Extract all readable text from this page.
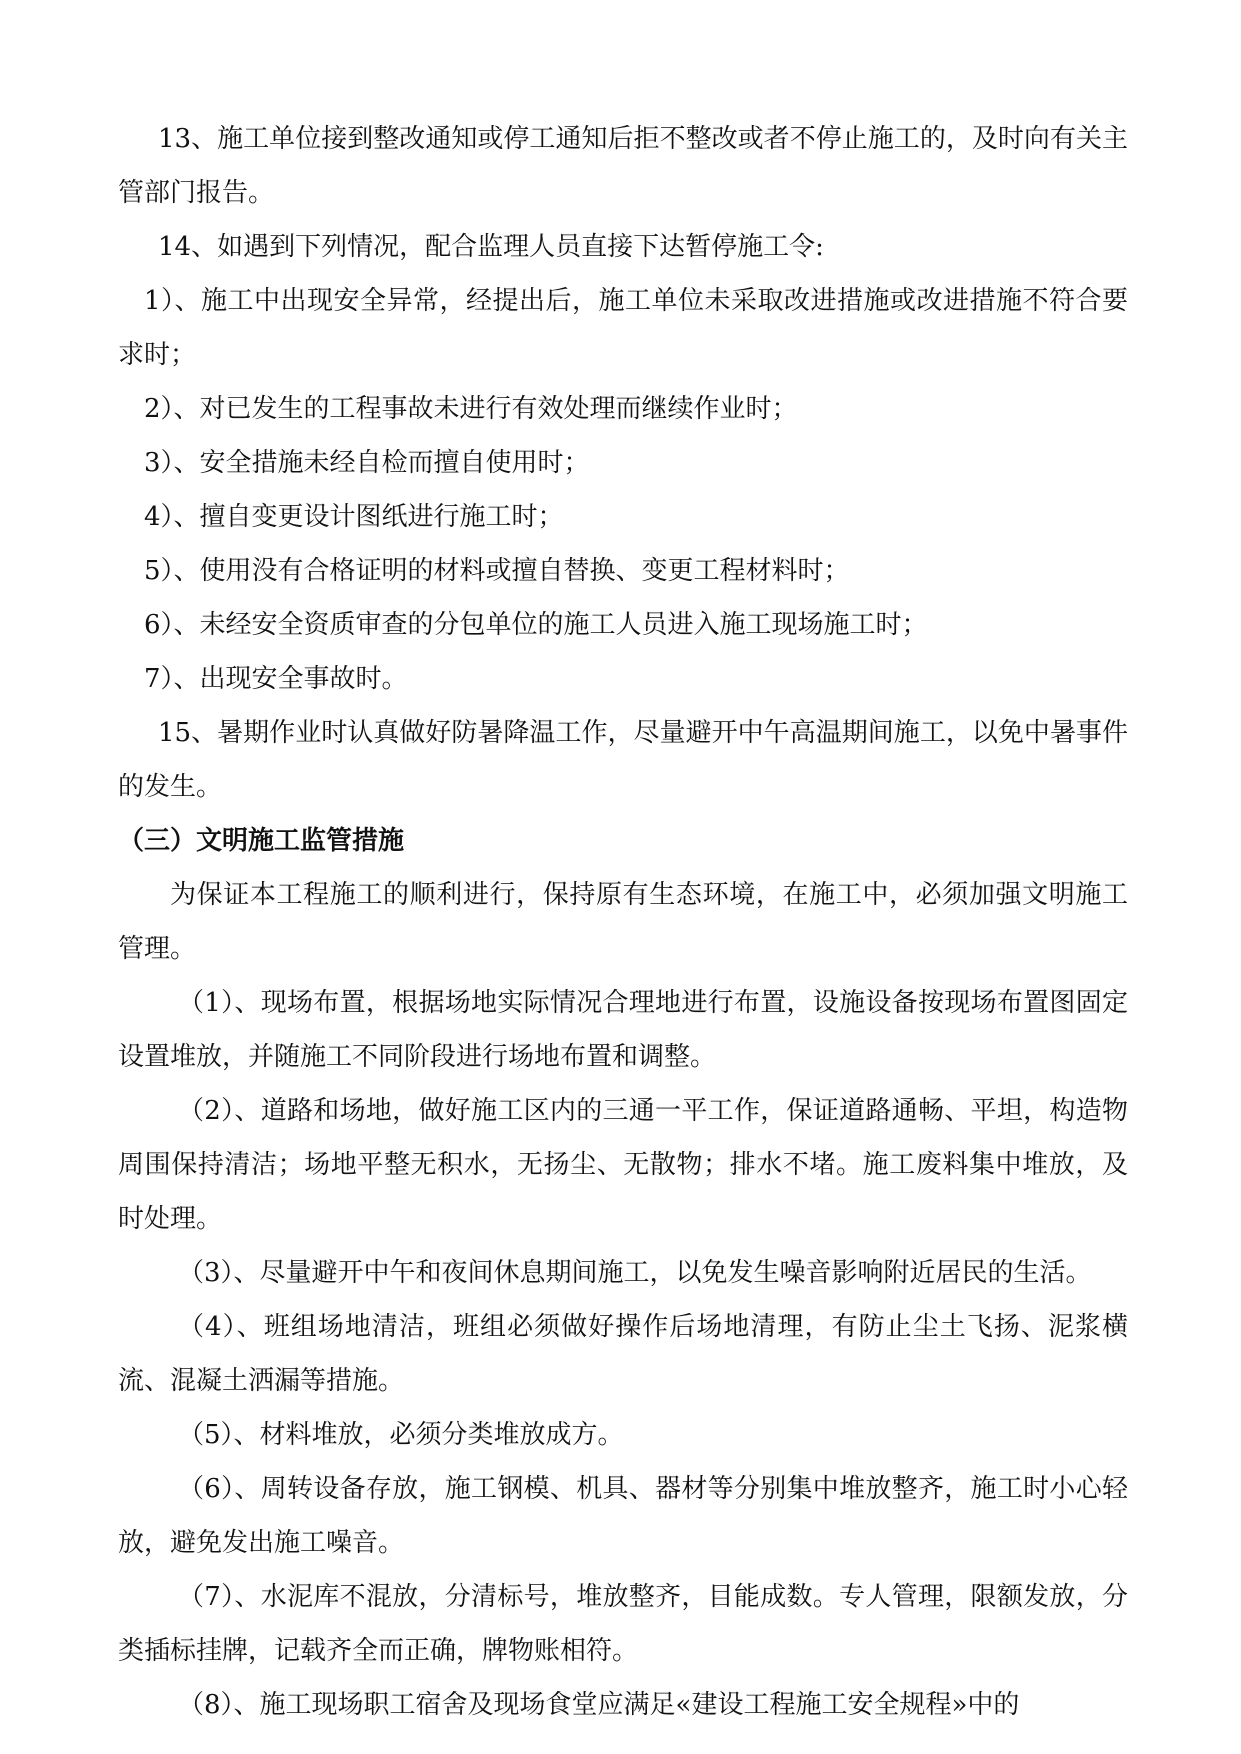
13、施工单位接到整改通知或停工通知后拒不整改或者不停止施工的，及时向有关主管部门报告。

14、如遇到下列情况，配合监理人员直接下达暂停施工令:

1）、施工中出现安全异常，经提出后，施工单位未采取改进措施或改进措施不符合要求时；

2）、对已发生的工程事故未进行有效处理而继续作业时；

3）、安全措施未经自检而擅自使用时；

4）、擅自变更设计图纸进行施工时；

5）、使用没有合格证明的材料或擅自替换、变更工程材料时；

6）、未经安全资质审查的分包单位的施工人员进入施工现场施工时；

7）、出现安全事故时。

15、暑期作业时认真做好防暑降温工作，尽量避开中午高温期间施工，以免中暑事件的发生。

（三）文明施工监管措施

为保证本工程施工的顺利进行，保持原有生态环境，在施工中，必须加强文明施工管理。

（1）、现场布置，根据场地实际情况合理地进行布置，设施设备按现场布置图固定设置堆放，并随施工不同阶段进行场地布置和调整。

（2）、道路和场地，做好施工区内的三通一平工作，保证道路通畅、平坦，构造物周围保持清洁；场地平整无积水，无扬尘、无散物；排水不堵。施工废料集中堆放，及时处理。

（3）、尽量避开中午和夜间休息期间施工，以免发生噪音影响附近居民的生活。

（4）、班组场地清洁，班组必须做好操作后场地清理，有防止尘土飞扬、泥浆横流、混凝土洒漏等措施。

（5）、材料堆放，必须分类堆放成方。

（6）、周转设备存放，施工钢模、机具、器材等分别集中堆放整齐，施工时小心轻放，避免发出施工噪音。

（7）、水泥库不混放，分清标号，堆放整齐，目能成数。专人管理，限额发放，分类插标挂牌，记载齐全而正确，牌物账相符。

（8）、施工现场职工宿舍及现场食堂应满足«建设工程施工安全规程»中的
